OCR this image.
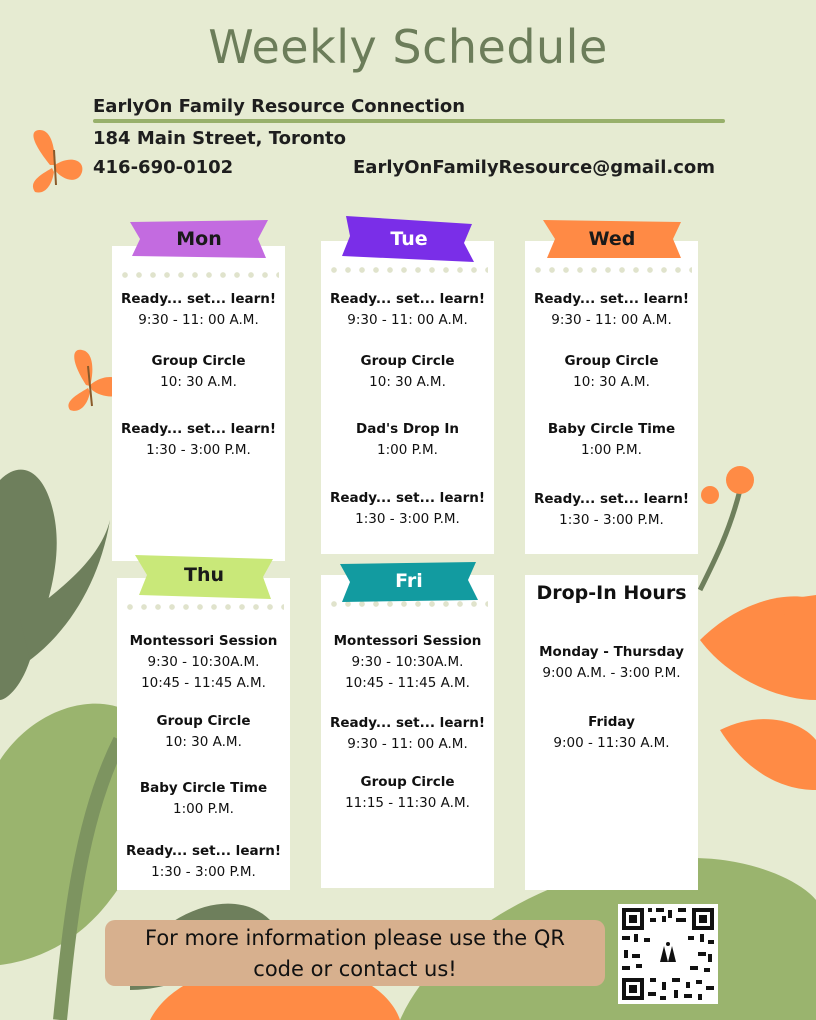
Weekly Schedule
EarlyOn Family Resource Connection
184 Main Street, Toronto
416-690-0102	EarlyOnFamilyResource@gmail.com
Ready... set... learn!
9:30 - 11: 00 A.M.
Group Circle
10: 30 A.M.
Ready... set... learn!
1:30 - 3:00 P.M.
Mon
Ready... set... learn!
9:30 - 11: 00 A.M.
Group Circle
10: 30 A.M.
Dad's Drop In
1:00 P.M.
Ready... set... learn!
1:30 - 3:00 P.M.
Tue
Ready... set... learn!
9:30 - 11: 00 A.M.
Group Circle
10: 30 A.M.
Baby Circle Time
1:00 P.M.
Ready... set... learn!
1:30 - 3:00 P.M.
Wed
Montessori Session
9:30 - 10:30A.M.
10:45 - 11:45 A.M.
Group Circle
10: 30 A.M.
Baby Circle Time
1:00 P.M.
Ready... set... learn!
1:30 - 3:00 P.M.
Thu
Montessori Session
9:30 - 10:30A.M.
10:45 - 11:45 A.M.
Ready... set... learn!
9:30 - 11: 00 A.M.
Group Circle
11:15 - 11:30 A.M.
Fri
Drop-In Hours
Monday - Thursday
9:00 A.M. - 3:00 P.M.
Friday
9:00 - 11:30 A.M.
For more information please use the QR
code or contact us!
